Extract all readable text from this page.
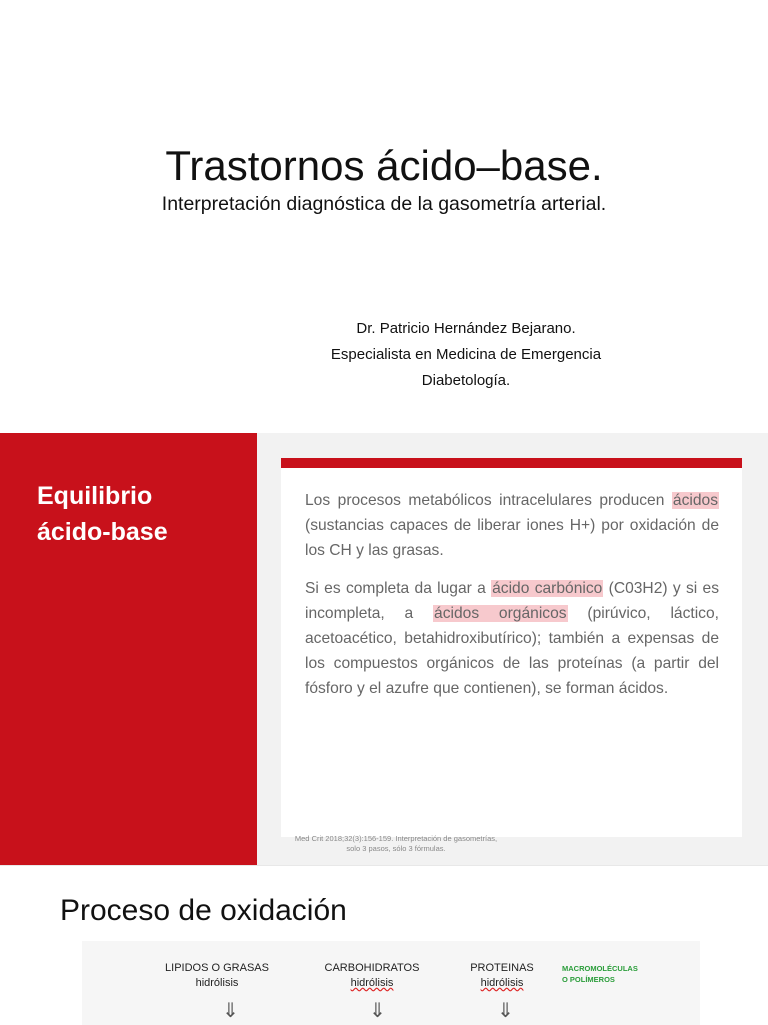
Trastornos ácido–base.
Interpretación diagnóstica de la gasometría arterial.
Dr. Patricio Hernández Bejarano.
Especialista en Medicina de Emergencia
Diabetología.
Equilibrio
ácido-base

Los procesos metabólicos intracelulares producen ácidos (sustancias capaces de liberar iones H+) por oxidación de los CH y las grasas.

Si es completa da lugar a ácido carbónico (C03H2) y si es incompleta, a ácidos orgánicos (pirúvico, láctico, acetoacético, betahidroxibutírico); también a expensas de los compuestos orgánicos de las proteínas (a partir del fósforo y el azufre que contienen), se forman ácidos.

Med Crit 2018;32(3):156-159. Interpretación de gasometrías,
solo 3 pasos, sólo 3 fórmulas.
Proceso de oxidación
LIPIDOS O GRASAS
hidrólisis
CARBOHIDRATOS
hidrólisis
PROTEINAS
hidrólisis
MACROMOLÉCULAS
O POLÍMEROS
⇓	⇓	⇓
